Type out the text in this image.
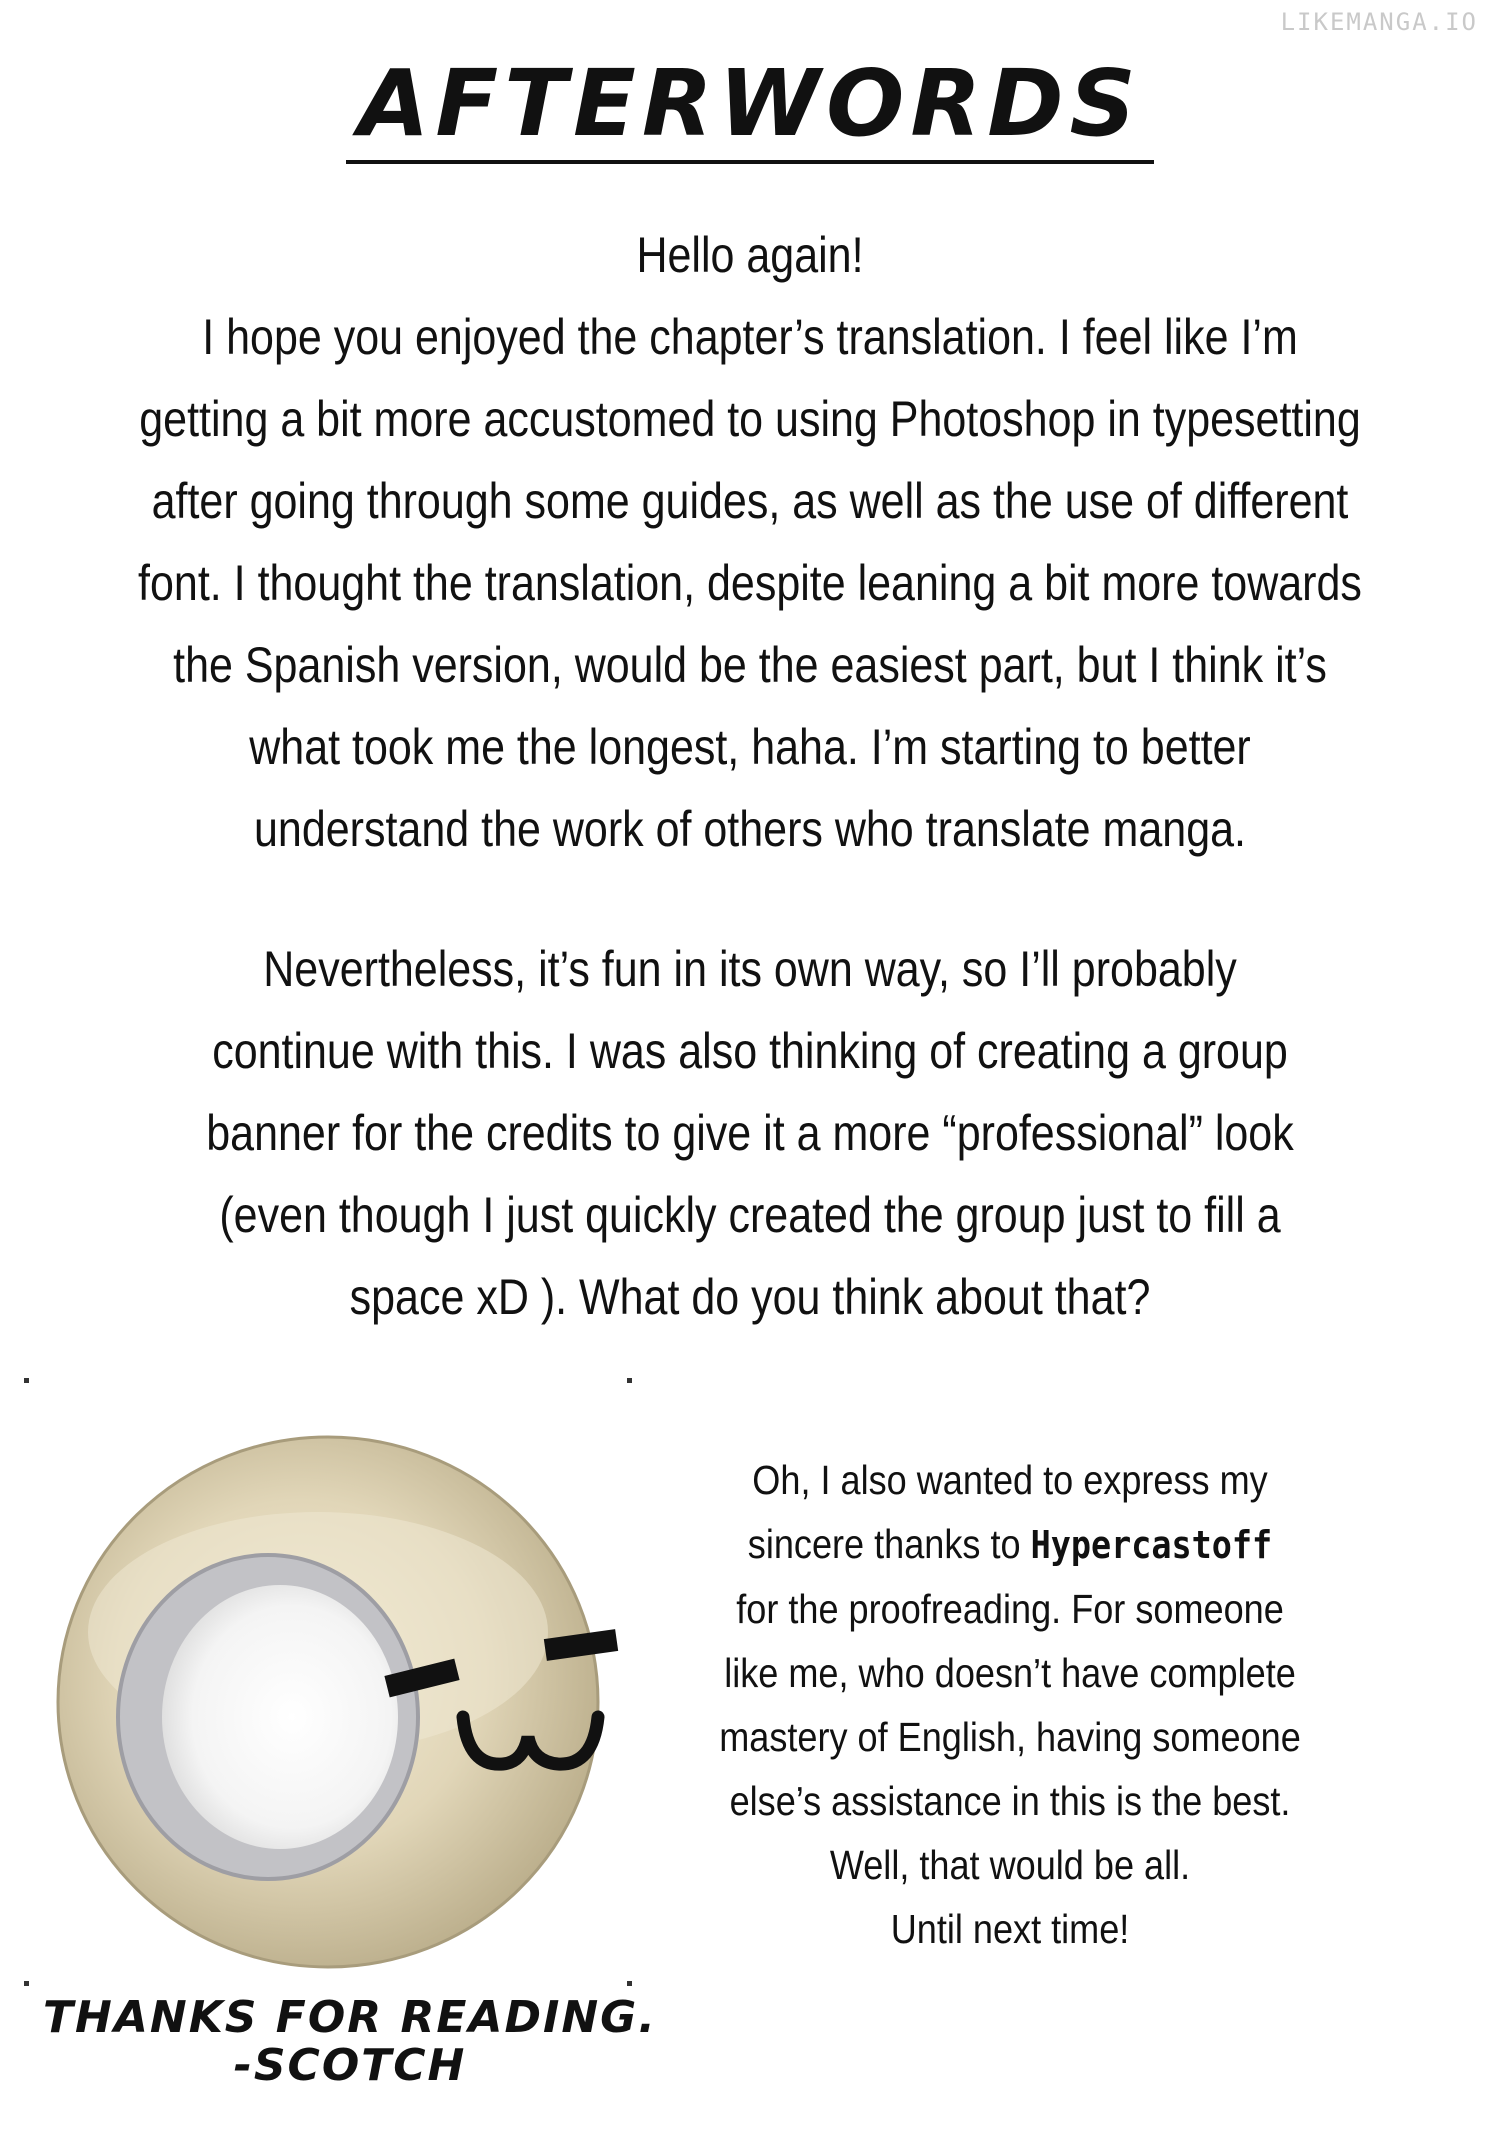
LIKEMANGA.IO
AFTERWORDS
Hello again!
I hope you enjoyed the chapter’s translation. I feel like I’m
getting a bit more accustomed to using Photoshop in typesetting
after going through some guides, as well as the use of different
font. I thought the translation, despite leaning a bit more towards
the Spanish version, would be the easiest part, but I think it’s
what took me the longest, haha. I’m starting to better
understand the work of others who translate manga.
Nevertheless, it’s fun in its own way, so I’ll probably
continue with this. I was also thinking of creating a group
banner for the credits to give it a more “professional” look
(even though I just quickly created the group just to fill a
space xD ). What do you think about that?
Oh, I also wanted to express my
sincere thanks to Hypercastoff
for the proofreading. For someone
like me, who doesn’t have complete
mastery of English, having someone
else’s assistance in this is the best.
Well, that would be all.
Until next time!
THANKS FOR READING.
-SCOTCH
